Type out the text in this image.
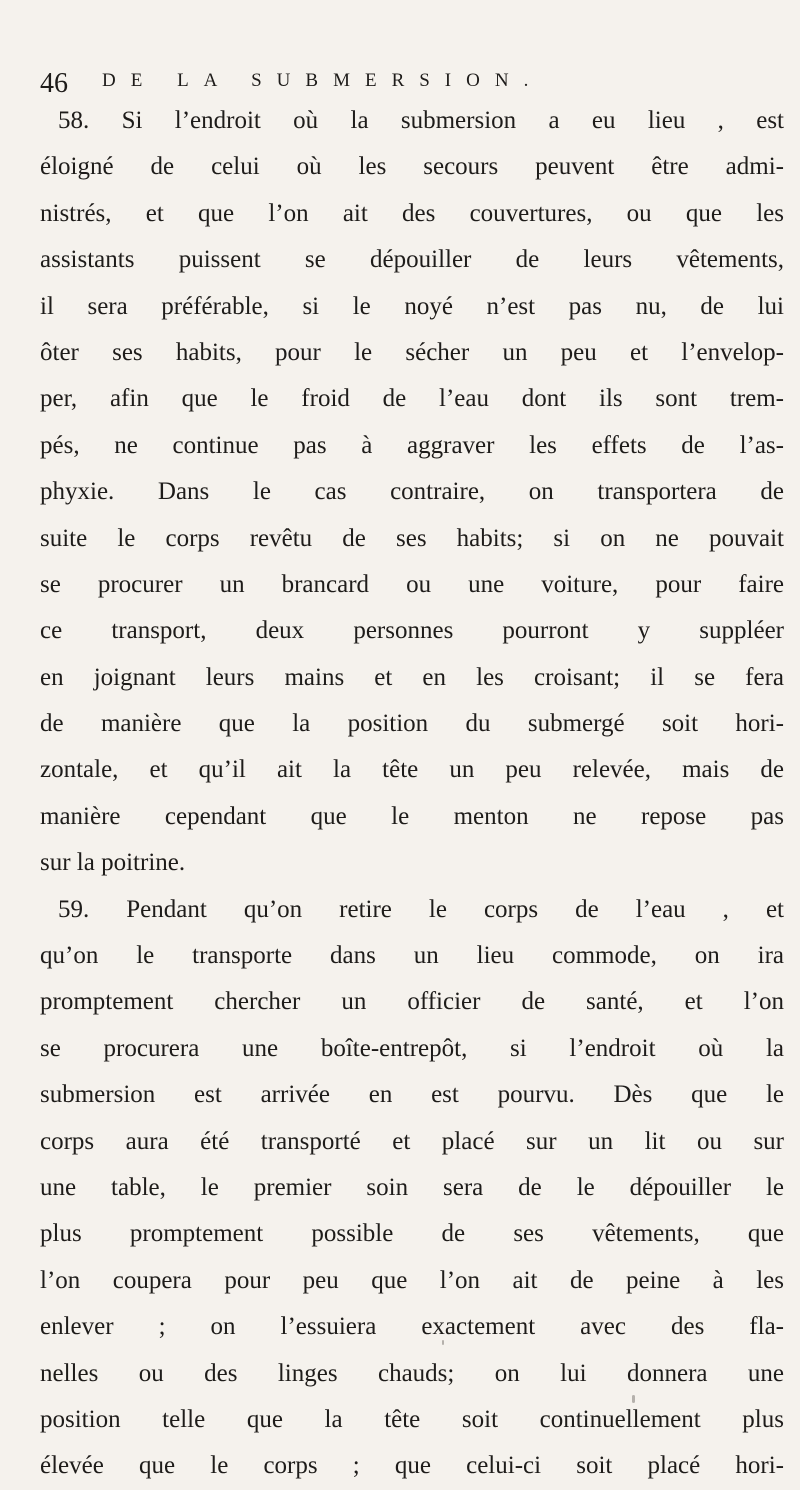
46 DE LA SUBMERSION.
58. Si l’endroit où la submersion a eu lieu , est
éloigné de celui où les secours peuvent être admi-
nistrés, et que l’on ait des couvertures, ou que les
assistants puissent se dépouiller de leurs vêtements,
il sera préférable, si le noyé n’est pas nu, de lui
ôter ses habits, pour le sécher un peu et l’envelop-
per, afin que le froid de l’eau dont ils sont trem-
pés, ne continue pas à aggraver les effets de l’as-
phyxie. Dans le cas contraire, on transportera de
suite le corps revêtu de ses habits; si on ne pouvait
se procurer un brancard ou une voiture, pour faire
ce transport, deux personnes pourront y suppléer
en joignant leurs mains et en les croisant; il se fera
de manière que la position du submergé soit hori-
zontale, et qu’il ait la tête un peu relevée, mais de
manière cependant que le menton ne repose pas
sur la poitrine.
59. Pendant qu’on retire le corps de l’eau , et
qu’on le transporte dans un lieu commode, on ira
promptement chercher un officier de santé, et l’on
se procurera une boîte-entrepôt, si l’endroit où la
submersion est arrivée en est pourvu. Dès que le
corps aura été transporté et placé sur un lit ou sur
une table, le premier soin sera de le dépouiller le
plus promptement possible de ses vêtements, que
l’on coupera pour peu que l’on ait de peine à les
enlever ; on l’essuiera exactement avec des fla-
nelles ou des linges chauds; on lui donnera une
position telle que la tête soit continuellement plus
élevée que le corps ; que celui-ci soit placé hori-
